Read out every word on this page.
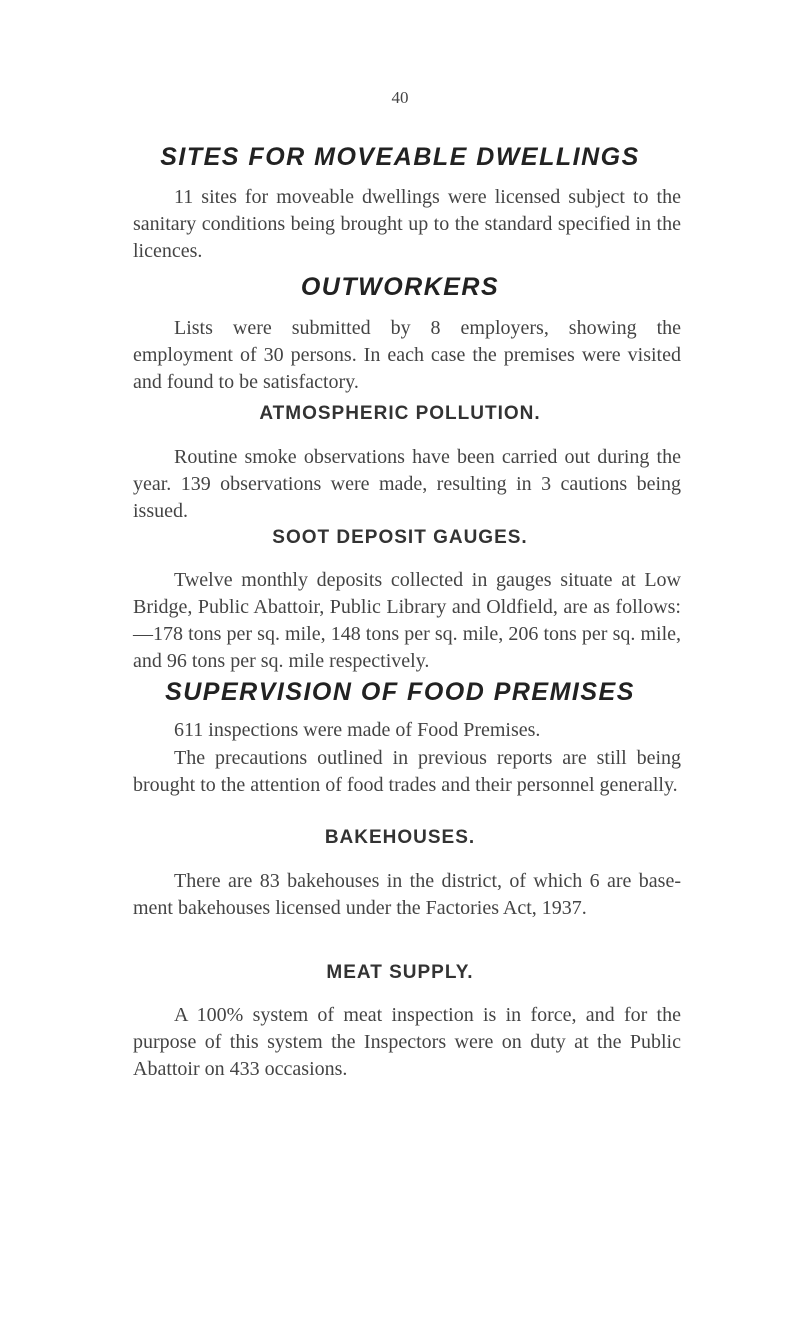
40
SITES FOR MOVEABLE DWELLINGS

11 sites for moveable dwellings were licensed subject to the sanitary conditions being brought up to the standard specified in the licences.

OUTWORKERS

Lists were submitted by 8 employers, showing the employment of 30 persons. In each case the premises were visited and found to be satisfactory.

ATMOSPHERIC POLLUTION.

Routine smoke observations have been carried out during the year. 139 observations were made, resulting in 3 cautions being issued.

SOOT DEPOSIT GAUGES.

Twelve monthly deposits collected in gauges situate at Low Bridge, Public Abattoir, Public Library and Oldfield, are as follows:—178 tons per sq. mile, 148 tons per sq. mile, 206 tons per sq. mile, and 96 tons per sq. mile respectively.

SUPERVISION OF FOOD PREMISES

611 inspections were made of Food Premises.

The precautions outlined in previous reports are still being brought to the attention of food trades and their personnel generally.

BAKEHOUSES.

There are 83 bakehouses in the district, of which 6 are base-ment bakehouses licensed under the Factories Act, 1937.

MEAT SUPPLY.

A 100% system of meat inspection is in force, and for the purpose of this system the Inspectors were on duty at the Public Abattoir on 433 occasions.
